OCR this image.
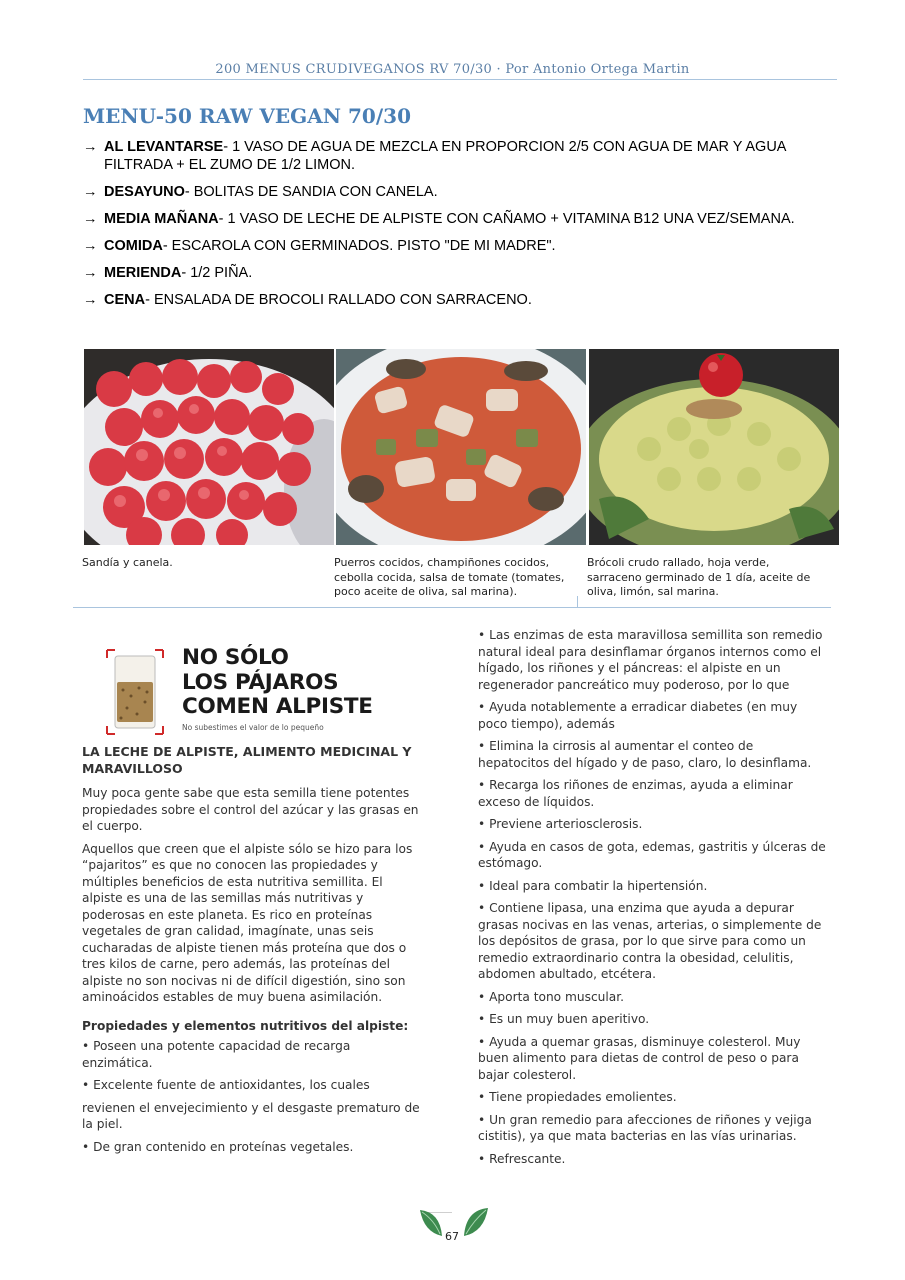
200 MENUS CRUDIVEGANOS RV 70/30 · Por Antonio Ortega Martin
MENU-50 RAW VEGAN 70/30
→ AL LEVANTARSE- 1 VASO DE AGUA DE MEZCLA EN PROPORCION 2/5 CON AGUA DE MAR Y AGUA FILTRADA + EL ZUMO DE 1/2 LIMON.
→ DESAYUNO- BOLITAS DE SANDIA CON CANELA.
→ MEDIA MAÑANA- 1 VASO DE LECHE DE ALPISTE CON CAÑAMO + VITAMINA B12 UNA VEZ/SEMANA.
→ COMIDA- ESCAROLA CON GERMINADOS. PISTO "DE MI MADRE".
→ MERIENDA- 1/2 PIÑA.
→ CENA- ENSALADA DE BROCOLI RALLADO CON SARRACENO.
Sandía y canela.	Puerros cocidos, champiñones cocidos, cebolla cocida, salsa de tomate (tomates, poco aceite de oliva, sal marina).
Brócoli crudo rallado, hoja verde, sarraceno germinado de 1 día, aceite de oliva, limón, sal marina.
NO SÓLO
LOS PÁJAROS
COMEN ALPISTE
No subestimes el valor de lo pequeño
LA LECHE DE ALPISTE, ALIMENTO MEDICINAL Y MARAVILLOSO

Muy poca gente sabe que esta semilla tiene potentes propiedades sobre el control del azúcar y las grasas en el cuerpo.

Aquellos que creen que el alpiste sólo se hizo para los “pajaritos” es que no conocen las propiedades y múltiples beneficios de esta nutritiva semillita. El alpiste es una de las semillas más nutritivas y poderosas en este planeta. Es rico en proteínas vegetales de gran calidad, imagínate, unas seis cucharadas de alpiste tienen más proteína que dos o tres kilos de carne, pero además, las proteínas del alpiste no son nocivas ni de difícil digestión, sino son aminoácidos estables de muy buena asimilación.

Propiedades y elementos nutritivos del alpiste:
• Poseen una potente capacidad de recarga enzimática.
• Excelente fuente de antioxidantes, los cuales
revienen el envejecimiento y el desgaste prematuro de la piel.
• De gran contenido en proteínas vegetales.
• Las enzimas de esta maravillosa semillita son remedio natural ideal para desinflamar órganos internos como el hígado, los riñones y el páncreas: el alpiste en un regenerador pancreático muy poderoso, por lo que
• Ayuda notablemente a erradicar diabetes (en muy poco tiempo), además
• Elimina la cirrosis al aumentar el conteo de hepatocitos del hígado y de paso, claro, lo desinflama.
• Recarga los riñones de enzimas, ayuda a eliminar exceso de líquidos.
• Previene arteriosclerosis.
• Ayuda en casos de gota, edemas, gastritis y úlceras de estómago.
• Ideal para combatir la hipertensión.
• Contiene lipasa, una enzima que ayuda a depurar grasas nocivas en las venas, arterias, o simplemente de los depósitos de grasa, por lo que sirve para como un remedio extraordinario contra la obesidad, celulitis, abdomen abultado, etcétera.
• Aporta tono muscular.
• Es un muy buen aperitivo.
• Ayuda a quemar grasas, disminuye colesterol. Muy buen alimento para dietas de control de peso o para bajar colesterol.
• Tiene propiedades emolientes.
• Un gran remedio para afecciones de riñones y vejiga cistitis), ya que mata bacterias en las vías urinarias.
• Refrescante.
67
